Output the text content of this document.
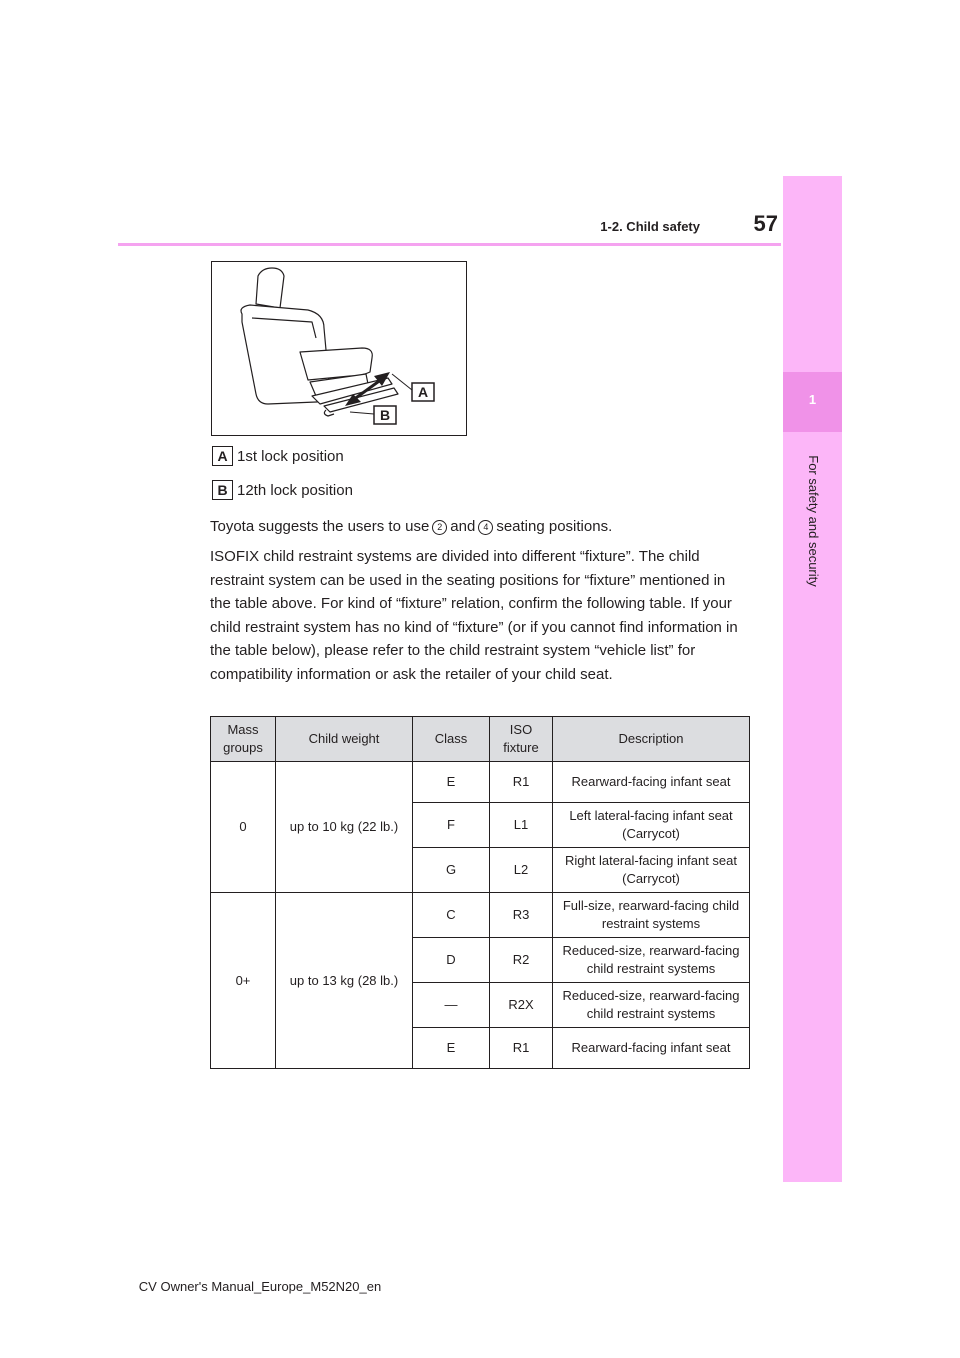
57
1-2. Child safety
1
For safety and security
A
B
A 1st lock position
B 12th lock position
Toyota suggests the users to use 2 and 4 seating positions.
ISOFIX child restraint systems are divided into different “fixture”. The child restraint system can be used in the seating positions for “fixture” mentioned in the table above. For kind of “fixture” relation, confirm the following table. If your child restraint system has no kind of “fixture” (or if you cannot find information in the table below), please refer to the child restraint system “vehicle list” for compatibility information or ask the retailer of your child seat.
Mass groups	Child weight	Class	ISO fixture	Description
0	up to 10 kg (22 lb.)	E	R1	Rearward-facing infant seat
		F	L1	Left lateral-facing infant seat (Carrycot)
		G	L2	Right lateral-facing infant seat (Carrycot)
0+	up to 13 kg (28 lb.)	C	R3	Full-size, rearward-facing child restraint systems
		D	R2	Reduced-size, rearward-facing child restraint systems
		—	R2X	Reduced-size, rearward-facing child restraint systems
		E	R1	Rearward-facing infant seat
CV Owner's Manual_Europe_M52N20_en
